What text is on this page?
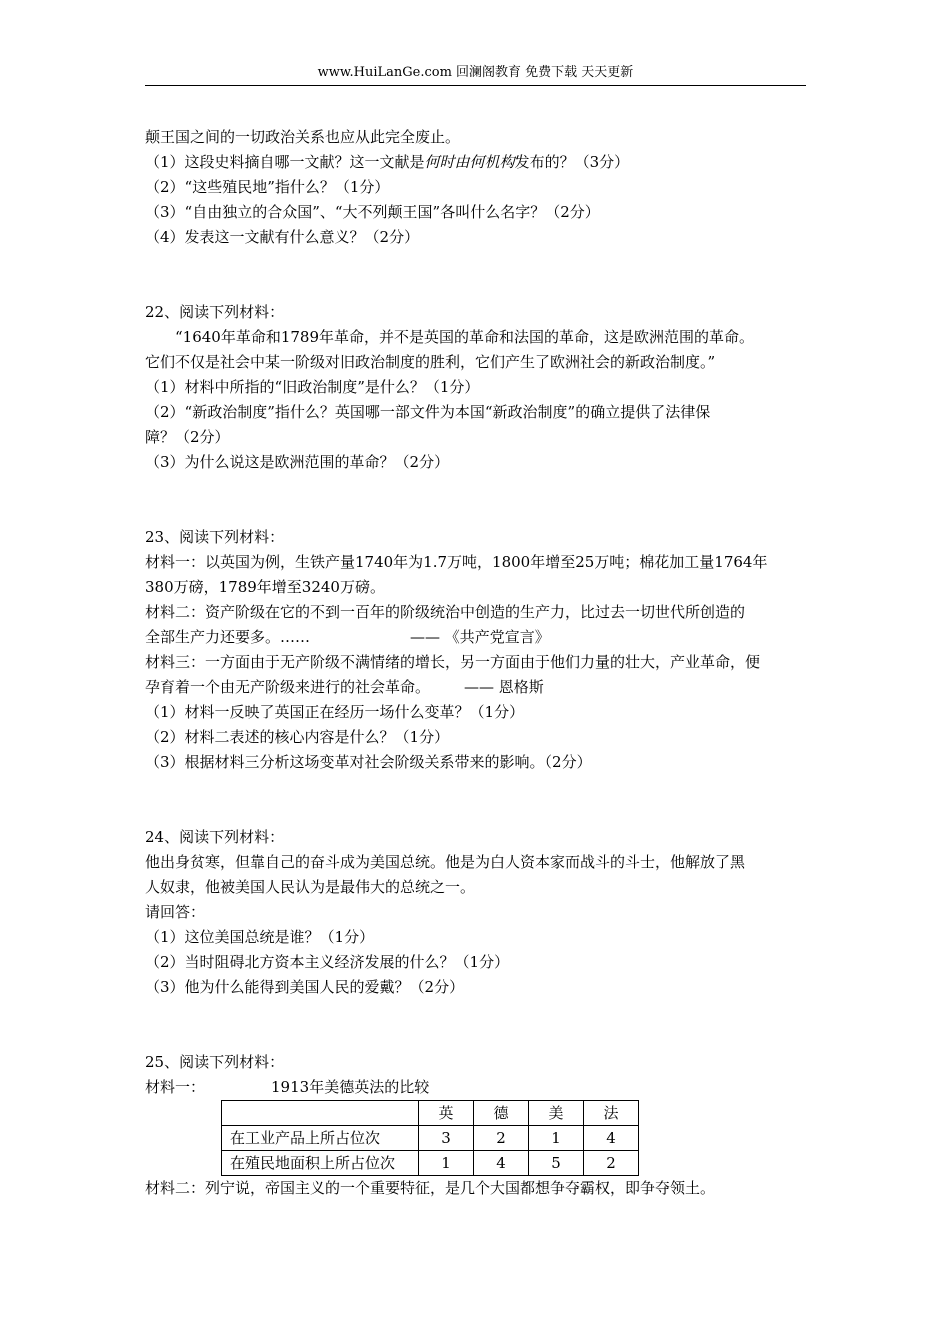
www.HuiLanGe.com 回澜阁教育 免费下载 天天更新
颠王国之间的一切政治关系也应从此完全废止。
（1）这段史料摘自哪一文献？这一文献是何时由何机构发布的？（3分）
（2）“这些殖民地”指什么？（1分）
（3）“自由独立的合众国”、“大不列颠王国”各叫什么名字？（2分）
（4）发表这一文献有什么意义？（2分）
22、阅读下列材料：
“1640年革命和1789年革命，并不是英国的革命和法国的革命，这是欧洲范围的革命。
它们不仅是社会中某一阶级对旧政治制度的胜利，它们产生了欧洲社会的新政治制度。”
（1）材料中所指的“旧政治制度”是什么？（1分）
（2）“新政治制度”指什么？英国哪一部文件为本国“新政治制度”的确立提供了法律保
障？（2分）
（3）为什么说这是欧洲范围的革命？（2分）
23、阅读下列材料：
材料一：以英国为例，生铁产量1740年为1.7万吨，1800年增至25万吨；棉花加工量1764年
380万磅，1789年增至3240万磅。
材料二：资产阶级在它的不到一百年的阶级统治中创造的生产力，比过去一切世代所创造的
全部生产力还要多。……	—— 《共产党宣言》
材料三：一方面由于无产阶级不满情绪的增长，另一方面由于他们力量的壮大，产业革命，便
孕育着一个由无产阶级来进行的社会革命。 —— 恩格斯
（1）材料一反映了英国正在经历一场什么变革？（1分）
（2）材料二表述的核心内容是什么？（1分）
（3）根据材料三分析这场变革对社会阶级关系带来的影响。（2分）
24、阅读下列材料：
他出身贫寒，但靠自己的奋斗成为美国总统。他是为白人资本家而战斗的斗士，他解放了黑
人奴隶，他被美国人民认为是最伟大的总统之一。
请回答：
（1）这位美国总统是谁？（1分）
（2）当时阻碍北方资本主义经济发展的什么？（1分）
（3）他为什么能得到美国人民的爱戴？（2分）
25、阅读下列材料：
材料一：	1913年美德英法的比较
	英	德	美	法
在工业产品上所占位次	3	2	1	4
在殖民地面积上所占位次	1	4	5	2
材料二：列宁说，帝国主义的一个重要特征，是几个大国都想争夺霸权，即争夺领土。
